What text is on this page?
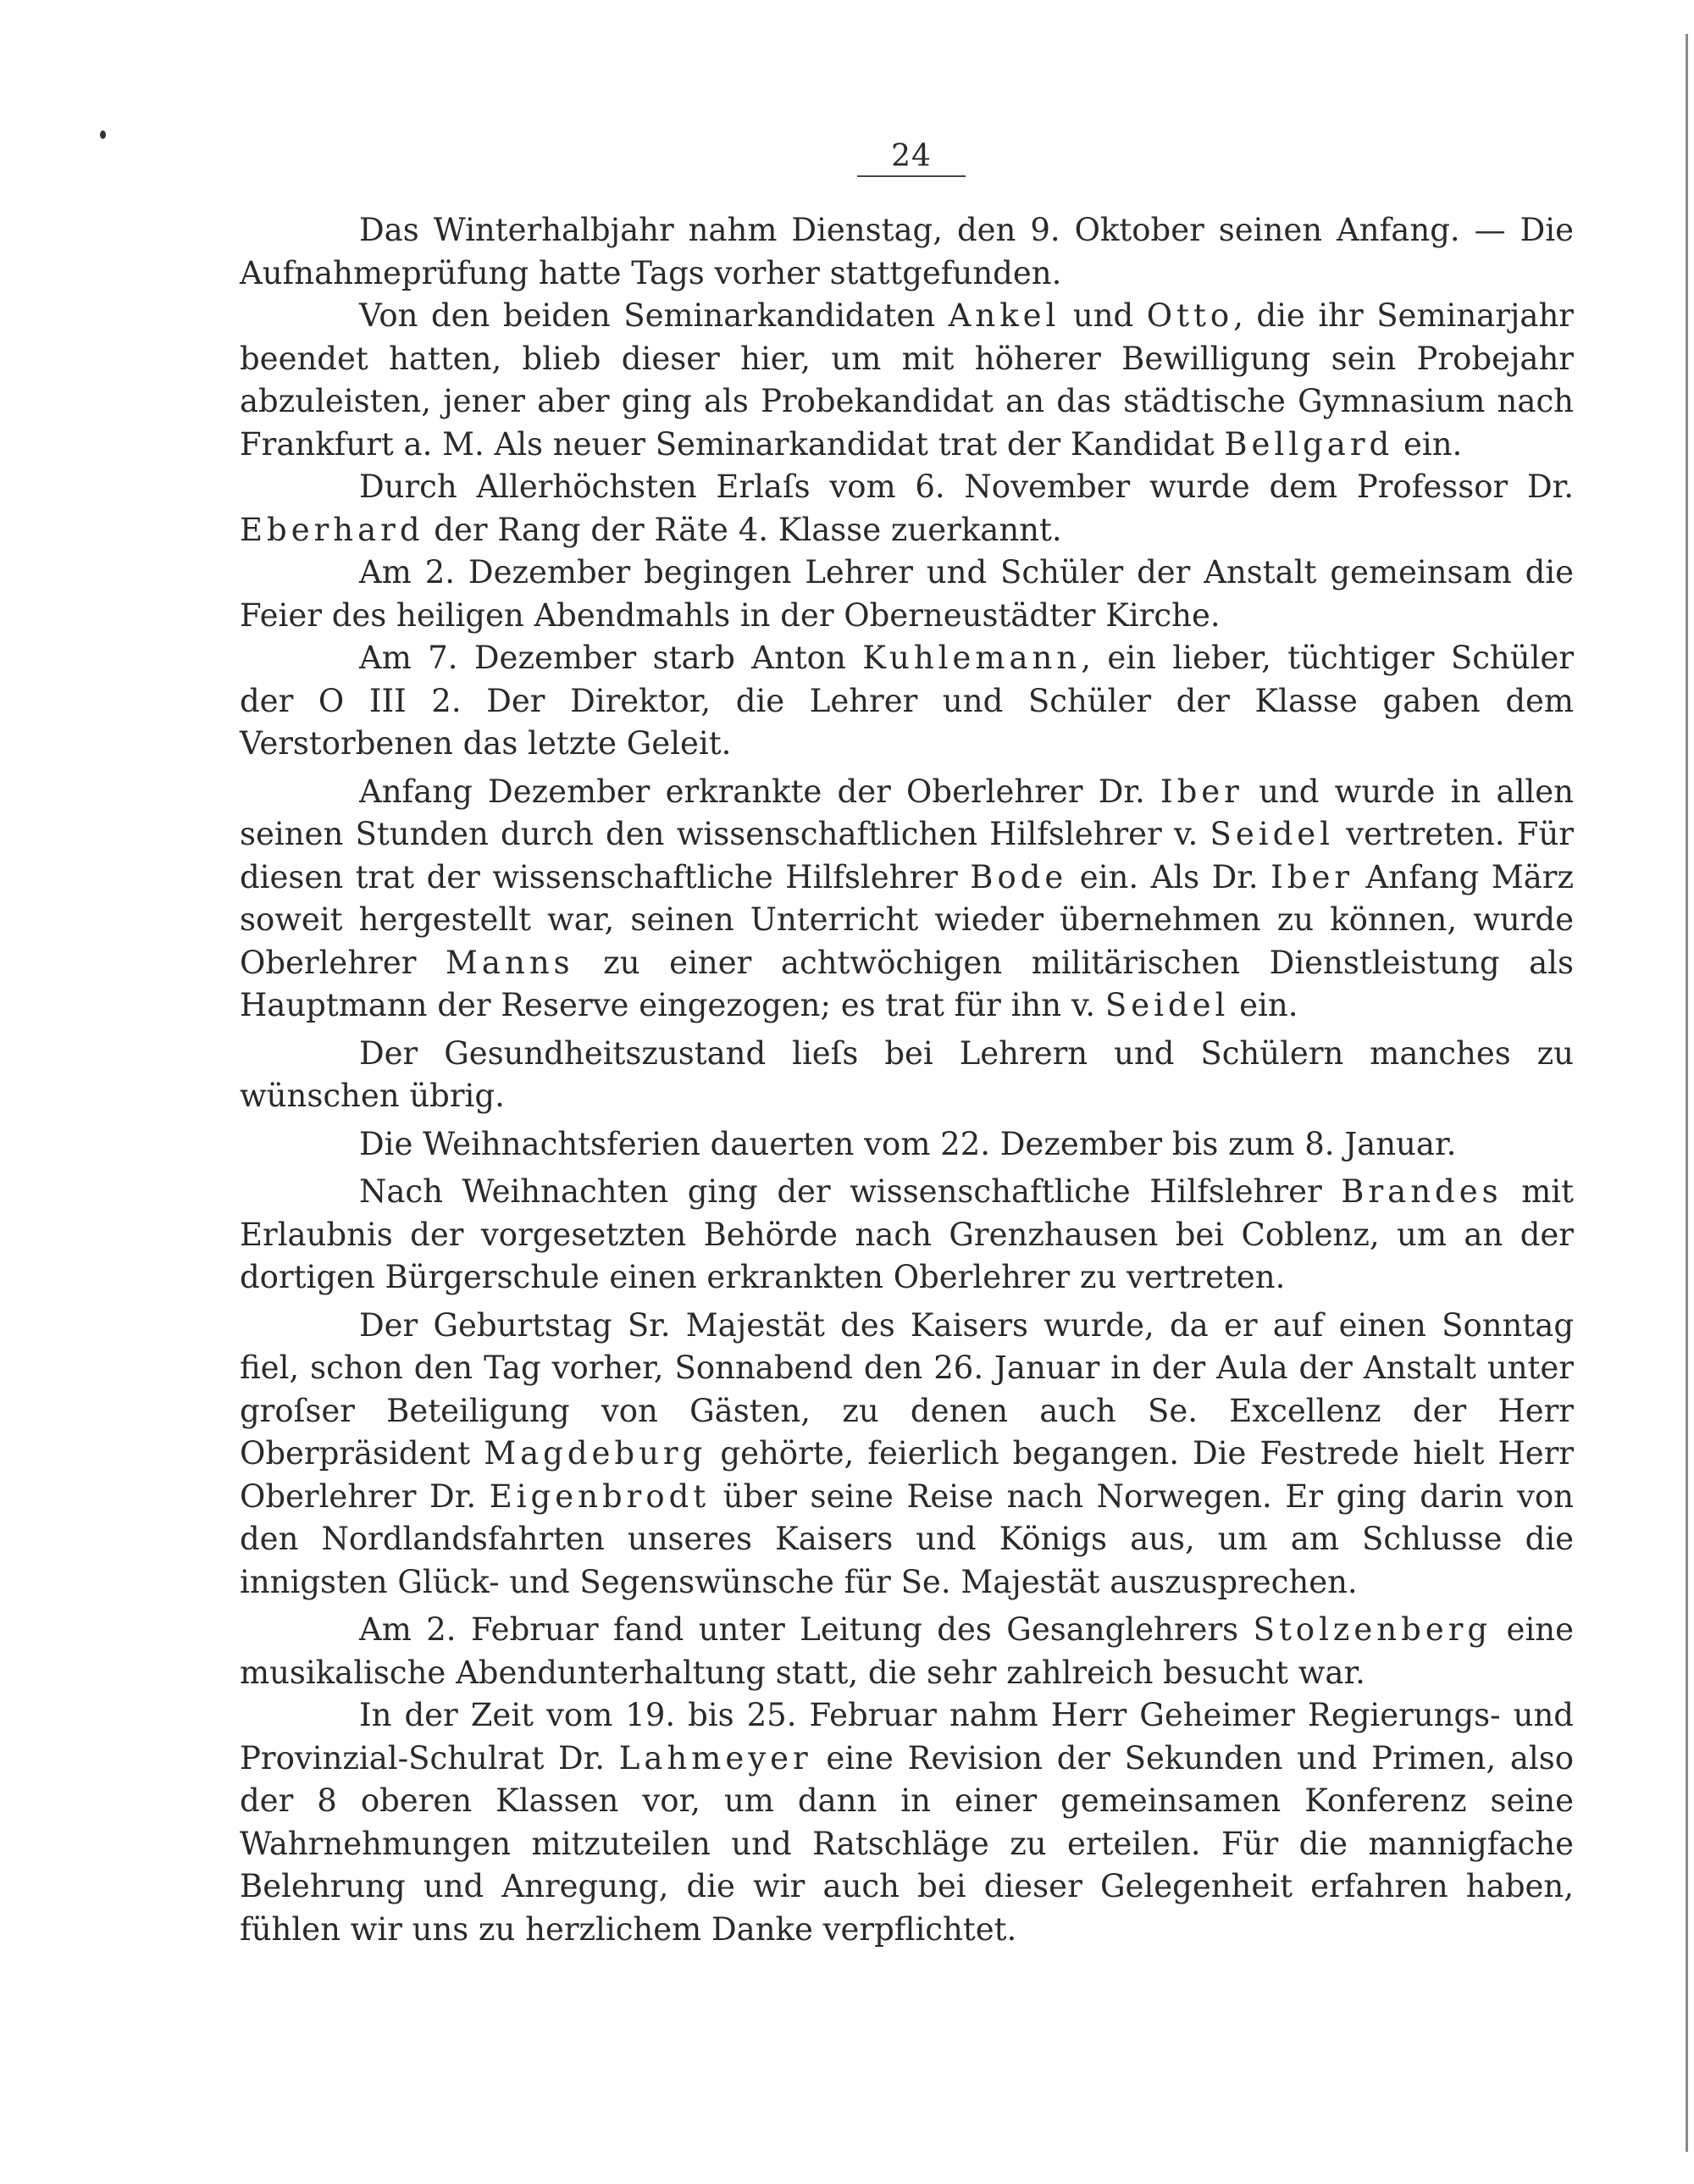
24

Das Winterhalbjahr nahm Dienstag, den 9. Oktober seinen Anfang. — Die Aufnahmeprüfung hatte Tags vorher stattgefunden.

Von den beiden Seminarkandidaten Ankel und Otto, die ihr Seminarjahr beendet hatten, blieb dieser hier, um mit höherer Bewilligung sein Probejahr abzuleisten, jener aber ging als Probekandidat an das städtische Gymnasium nach Frankfurt a. M. Als neuer Seminarkandidat trat der Kandidat Bellgard ein.

Durch Allerhöchsten Erlaſs vom 6. November wurde dem Professor Dr. Eberhard der Rang der Räte 4. Klasse zuerkannt.

Am 2. Dezember begingen Lehrer und Schüler der Anstalt gemeinsam die Feier des heiligen Abendmahls in der Oberneustädter Kirche.

Am 7. Dezember starb Anton Kuhlemann, ein lieber, tüchtiger Schüler der O III 2. Der Direktor, die Lehrer und Schüler der Klasse gaben dem Verstorbenen das letzte Geleit.

Anfang Dezember erkrankte der Oberlehrer Dr. Iber und wurde in allen seinen Stunden durch den wissenschaftlichen Hilfslehrer v. Seidel vertreten. Für diesen trat der wissenschaftliche Hilfslehrer Bode ein. Als Dr. Iber Anfang März soweit hergestellt war, seinen Unterricht wieder übernehmen zu können, wurde Oberlehrer Manns zu einer achtwöchigen militärischen Dienstleistung als Hauptmann der Reserve eingezogen; es trat für ihn v. Seidel ein.

Der Gesundheitszustand lieſs bei Lehrern und Schülern manches zu wünschen übrig.

Die Weihnachtsferien dauerten vom 22. Dezember bis zum 8. Januar.

Nach Weihnachten ging der wissenschaftliche Hilfslehrer Brandes mit Erlaubnis der vorgesetzten Behörde nach Grenzhausen bei Coblenz, um an der dortigen Bürgerschule einen erkrankten Oberlehrer zu vertreten.

Der Geburtstag Sr. Majestät des Kaisers wurde, da er auf einen Sonntag fiel, schon den Tag vorher, Sonnabend den 26. Januar in der Aula der Anstalt unter groſser Beteiligung von Gästen, zu denen auch Se. Excellenz der Herr Oberpräsident Magdeburg gehörte, feierlich begangen. Die Festrede hielt Herr Oberlehrer Dr. Eigenbrodt über seine Reise nach Norwegen. Er ging darin von den Nordlandsfahrten unseres Kaisers und Königs aus, um am Schlusse die innigsten Glück- und Segenswünsche für Se. Majestät auszusprechen.

Am 2. Februar fand unter Leitung des Gesanglehrers Stolzenberg eine musikalische Abendunterhaltung statt, die sehr zahlreich besucht war.

In der Zeit vom 19. bis 25. Februar nahm Herr Geheimer Regierungs- und Provinzial-Schulrat Dr. Lahmeyer eine Revision der Sekunden und Primen, also der 8 oberen Klassen vor, um dann in einer gemeinsamen Konferenz seine Wahrnehmungen mitzuteilen und Ratschläge zu erteilen. Für die mannigfache Belehrung und Anregung, die wir auch bei dieser Gelegenheit erfahren haben, fühlen wir uns zu herzlichem Danke verpflichtet.
